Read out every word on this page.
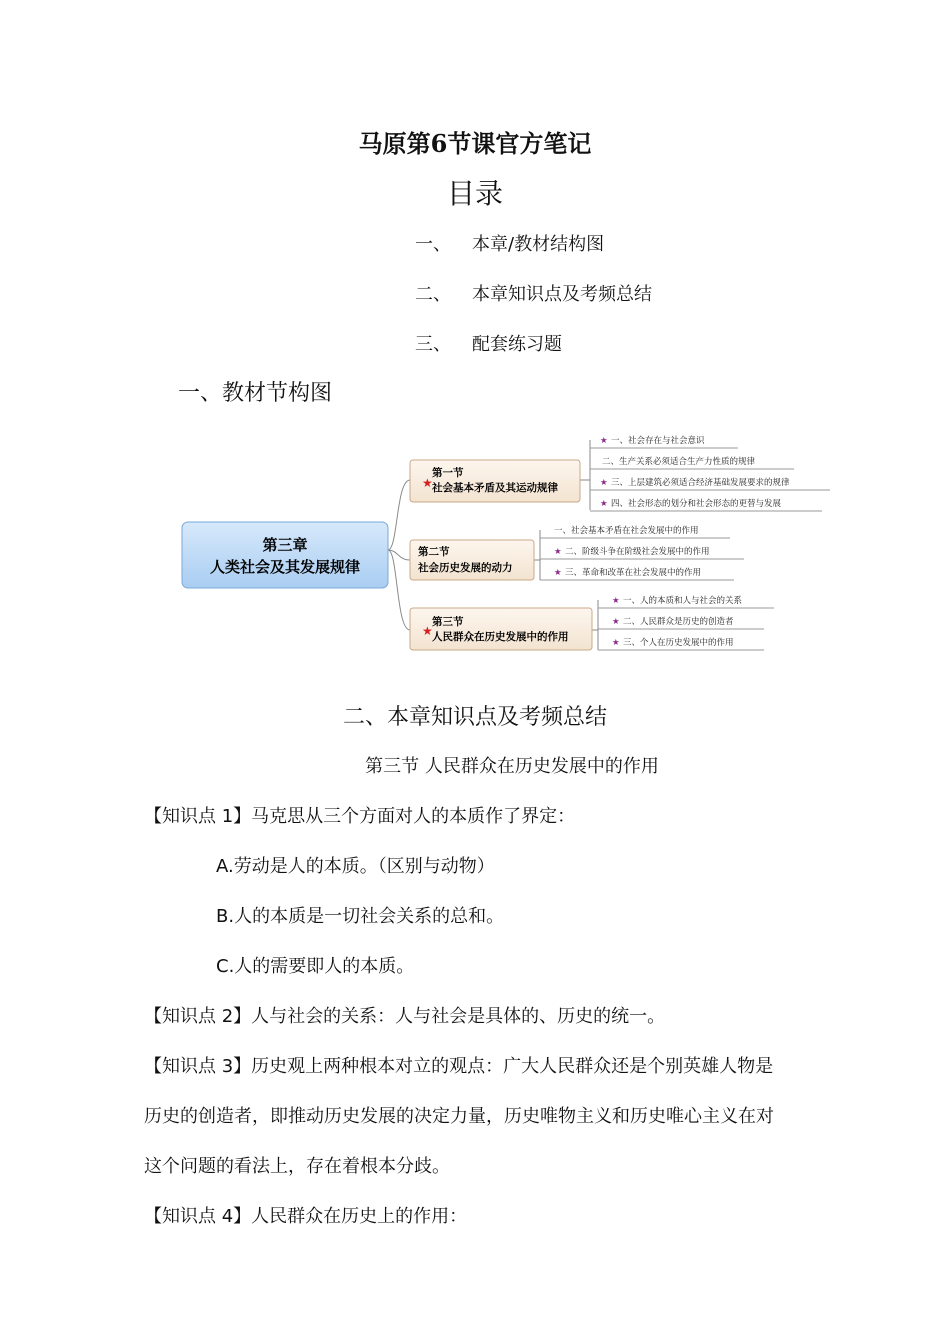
马原第6节课官方笔记
目录
一、 本章/教材结构图
二、 本章知识点及考频总结
三、 配套练习题
一、教材节构图
第三章
人类社会及其发展规律
★
第一节
社会基本矛盾及其运动规律
第二节
社会历史发展的动力
★
第三节
人民群众在历史发展中的作用
★ 一、社会存在与社会意识
二、生产关系必须适合生产力性质的规律
★ 三、上层建筑必须适合经济基础发展要求的规律
★ 四、社会形态的划分和社会形态的更替与发展
一、社会基本矛盾在社会发展中的作用
★ 二、阶级斗争在阶级社会发展中的作用
★ 三、革命和改革在社会发展中的作用
★ 一、人的本质和人与社会的关系
★ 二、人民群众是历史的创造者
★ 三、个人在历史发展中的作用
二、本章知识点及考频总结
第三节 人民群众在历史发展中的作用
【知识点 1】马克思从三个方面对人的本质作了界定：
A.劳动是人的本质。（区别与动物）
B.人的本质是一切社会关系的总和。
C.人的需要即人的本质。
【知识点 2】人与社会的关系：人与社会是具体的、历史的统一。
【知识点 3】历史观上两种根本对立的观点：广大人民群众还是个别英雄人物是
历史的创造者，即推动历史发展的决定力量，历史唯物主义和历史唯心主义在对
这个问题的看法上，存在着根本分歧。
【知识点 4】人民群众在历史上的作用：
